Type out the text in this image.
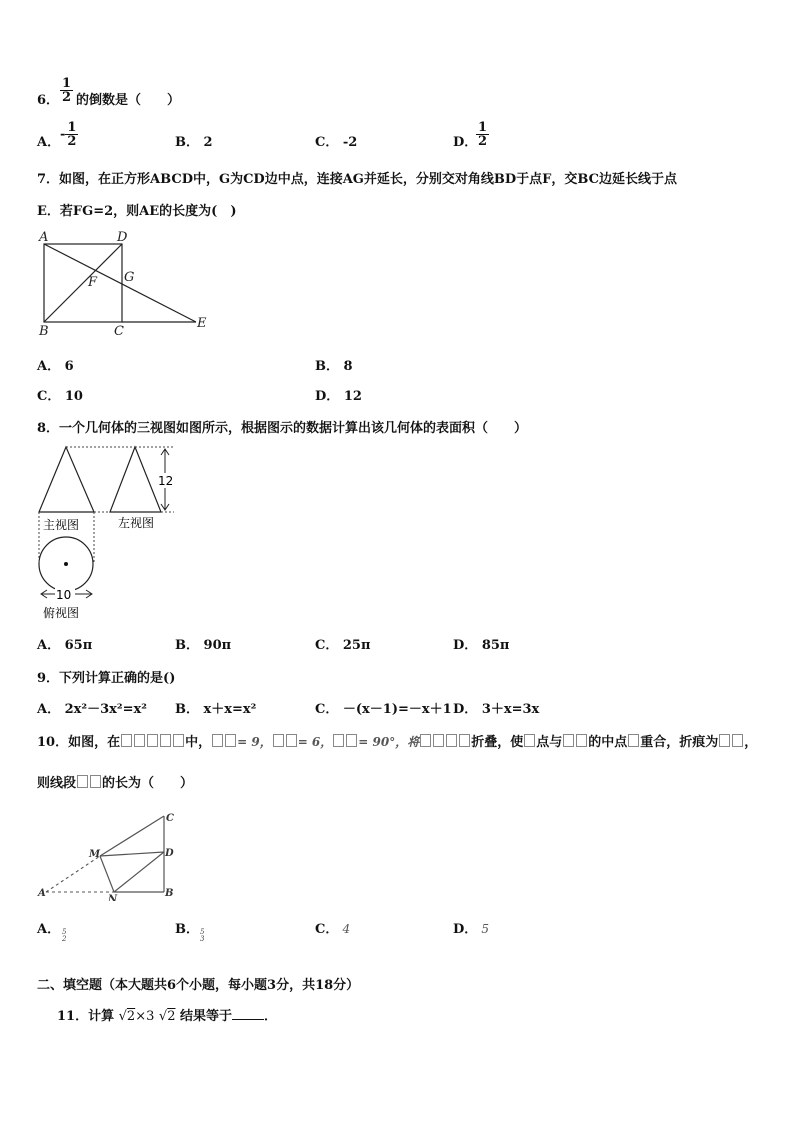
6． $\frac{1}{2}$ 的倒数是（　　）
A．
- $\frac{1}{2}$	B． 2	C． -2	D．
$\frac{1}{2}$
7．如图，在正方形ABCD中，G为CD边中点，连接AG并延长，分别交对角线BD于点F，交BC边延长线于点
E．若FG=2，则AE的长度为(　)
A	D
B	C
E
F G
A． 6	B． 8
C． 10	D． 12
8．一个几何体的三视图如图所示，根据图示的数据计算出该几何体的表面积（　　）
12
10
主视图	左视图
俯视图
A． 65π	B． 90π	C． 25π	D． 85π
9．下列计算正确的是()
A． 2x²－3x²=x² B． x＋x=x²	C． －(x－1)=－x＋1 D． 3＋x=3x
10．如图，在	中， = 9， = 6， = 90°，将	折叠，使 点与 的中点 重合，折痕为 ，
则线段 的长为（　　）
C
D
B
M
N
A
A． 5
2
B． 5
3
C． 4	D． 5
二、填空题（本大题共6个小题，每小题3分，共18分）
11．计算 √2×3 √2 结果等于 ．
